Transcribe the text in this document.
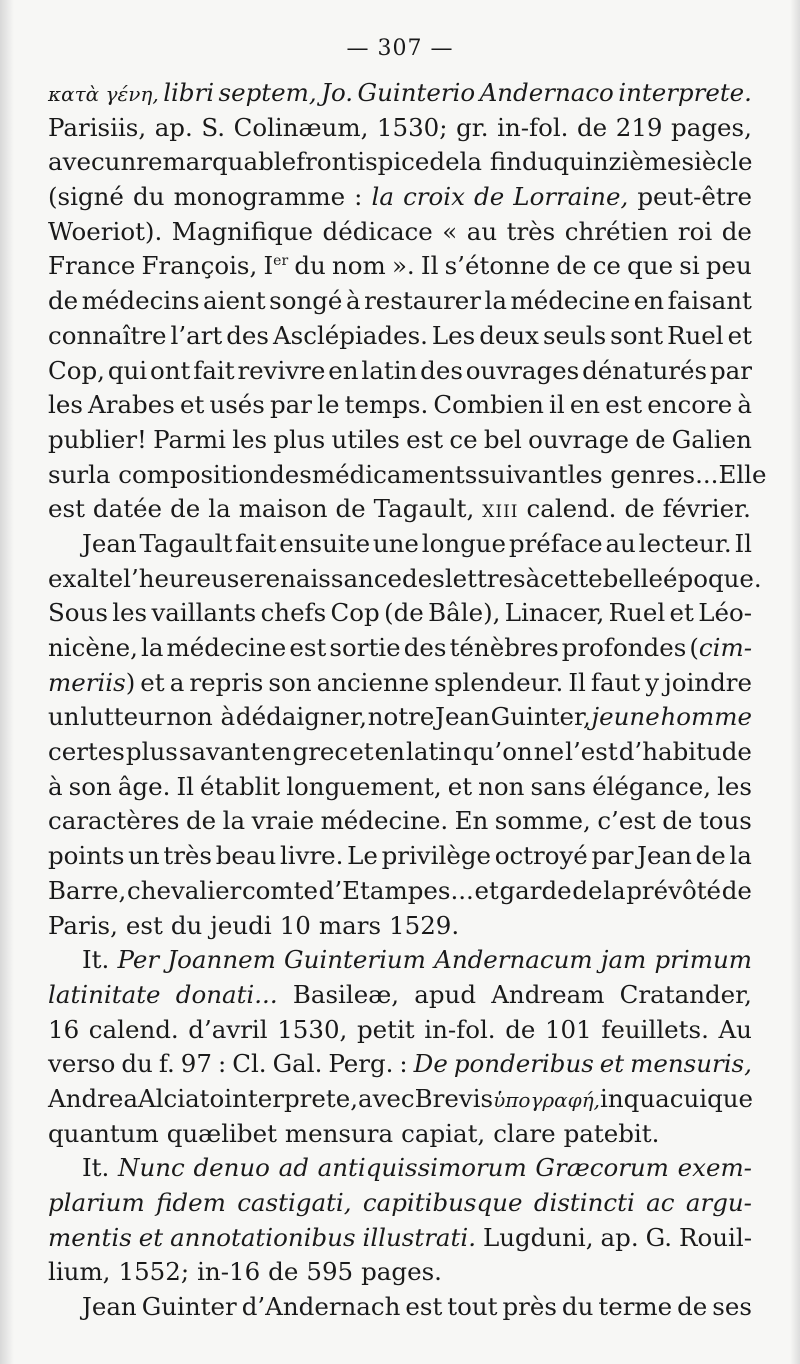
— 307 —
κατὰ γένη, libri septem, Jo. Guinterio Andernaco interprete.
Parisiis, ap. S. Colinæum, 1530; gr. in-fol. de 219 pages,
avec un remarquable frontispice de la fin du quinzième siècle
(signé du monogramme : la croix de Lorraine, peut-être
Woeriot). Magnifique dédicace « au très chrétien roi de
France François, Ier du nom ». Il s’étonne de ce que si peu
de médecins aient songé à restaurer la médecine en faisant
connaître l’art des Asclépiades. Les deux seuls sont Ruel et
Cop, qui ont fait revivre en latin des ouvrages dénaturés par
les Arabes et usés par le temps. Combien il en est encore à
publier! Parmi les plus utiles est ce bel ouvrage de Galien
sur la composition des médicaments suivant les genres... Elle
est datée de la maison de Tagault, xiii calend. de février.
Jean Tagault fait ensuite une longue préface au lecteur. Il
exalte l’heureuse renaissance des lettres à cette belle époque.
Sous les vaillants chefs Cop (de Bâle), Linacer, Ruel et Léo-
nicène, la médecine est sortie des ténèbres profondes (cim-
meriis) et a repris son ancienne splendeur. Il faut y joindre
un lutteur non à dédaigner, notre Jean Guinter, jeune homme
certes plus savant en grec et en latin qu’on ne l’est d’habitude
à son âge. Il établit longuement, et non sans élégance, les
caractères de la vraie médecine. En somme, c’est de tous
points un très beau livre. Le privilège octroyé par Jean de la
Barre, chevalier comte d’Etampes... et garde de la prévôté de
Paris, est du jeudi 10 mars 1529.
It. Per Joannem Guinterium Andernacum jam primum
latinitate donati... Basileæ, apud Andream Cratander,
16 calend. d’avril 1530, petit in-fol. de 101 feuillets. Au
verso du f. 97 : Cl. Gal. Perg. : De ponderibus et mensuris,
Andrea Alciato interprete, avec Brevis ὑπογραφή, in qua cuique
quantum quælibet mensura capiat, clare patebit.
It. Nunc denuo ad antiquissimorum Græcorum exem-
plarium fidem castigati, capitibusque distincti ac argu-
mentis et annotationibus illustrati. Lugduni, ap. G. Rouil-
lium, 1552; in-16 de 595 pages.
Jean Guinter d’Andernach est tout près du terme de ses
